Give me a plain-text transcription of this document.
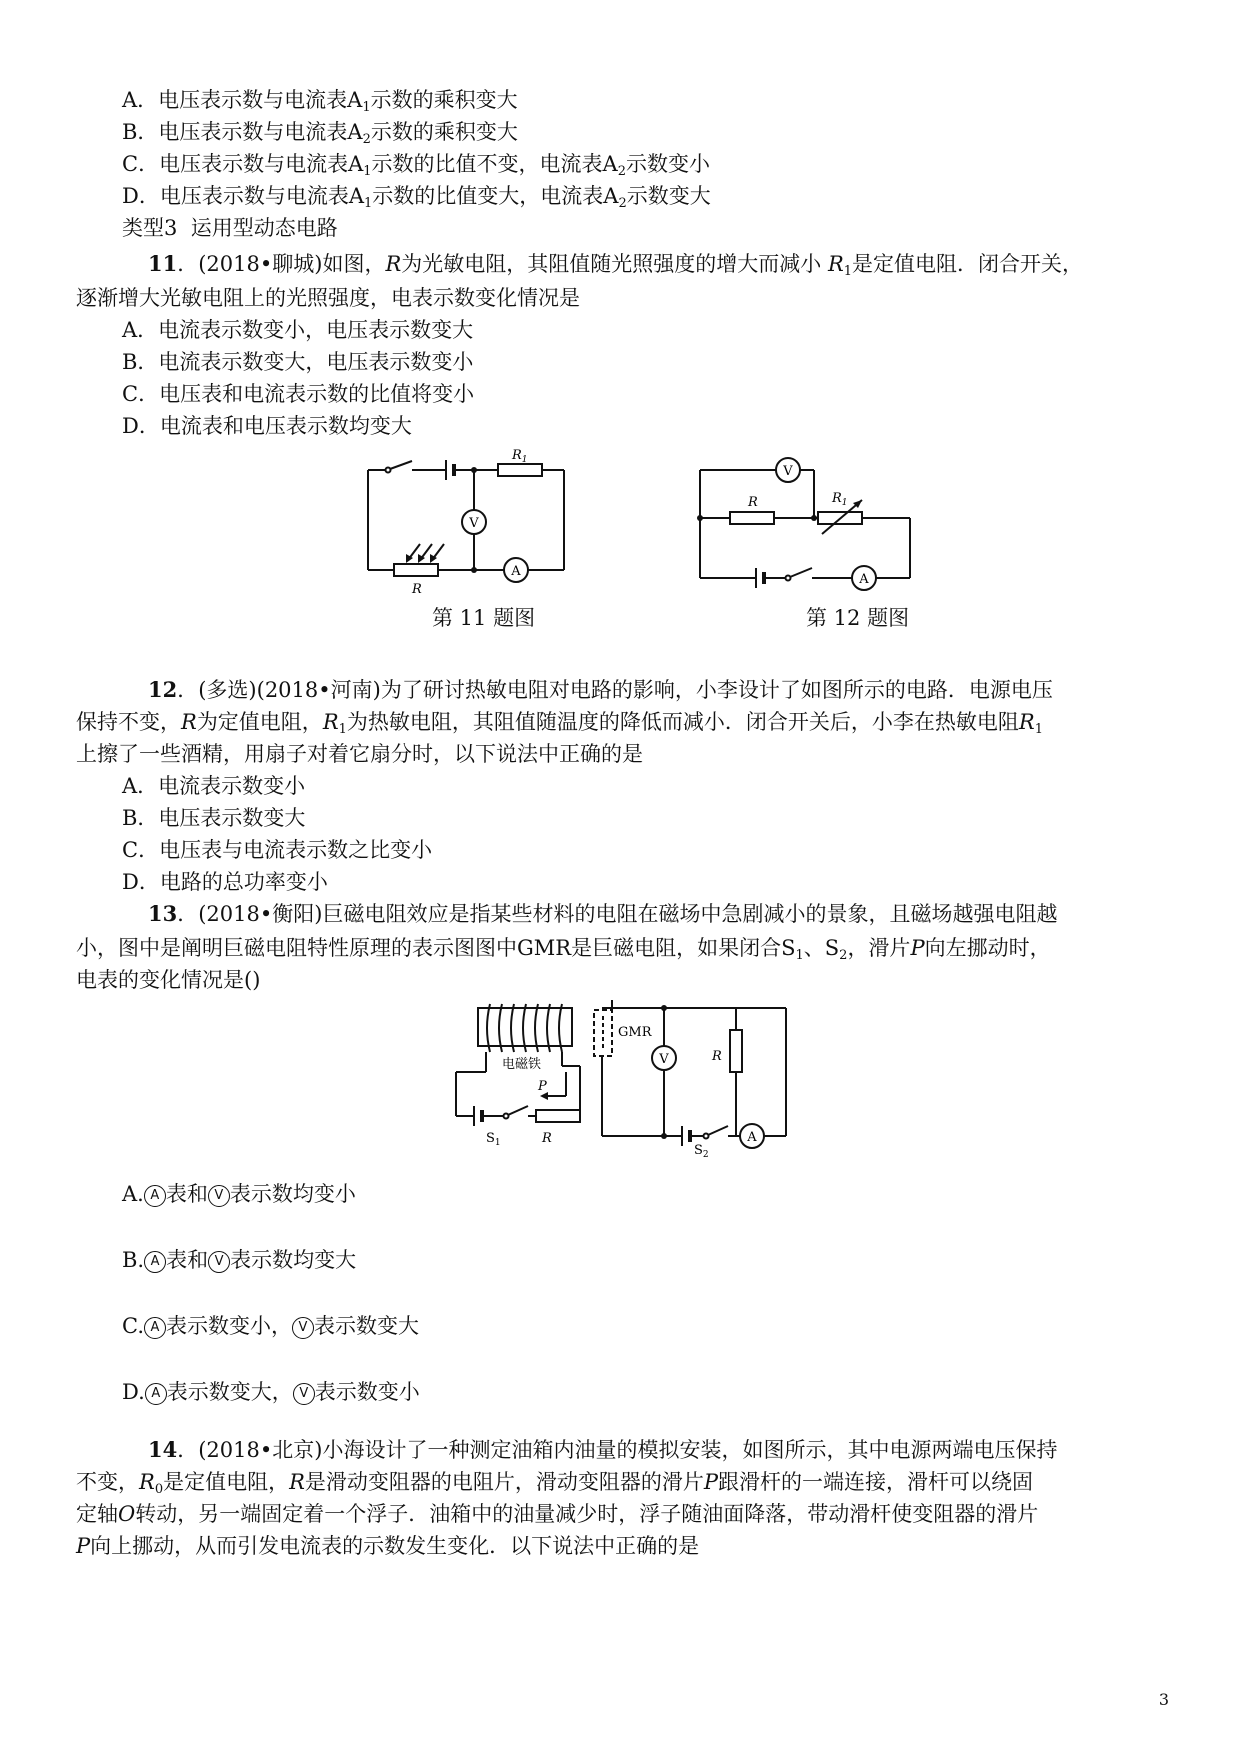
A．电压表示数与电流表$A_1$示数的乘积变大
B．电压表示数与电流表$A_2$示数的乘积变大
C．电压表示数与电流表$A_1$示数的比值不变，电流表$A_2$示数变小
D．电压表示数与电流表$A_1$示数的比值变大，电流表$A_2$示数变大
类型3 运用型动态电路
11．(2018•聊城)如图，R为光敏电阻，其阻值随光照强度的增大而减小 $R_1$是定值电阻．闭合开关，
逐渐增大光敏电阻上的光照强度，电表示数变化情况是
A．电流表示数变小，电压表示数变大
B．电流表示数变大，电压表示数变小
C．电压表和电流表示数的比值将变小
D．电流表和电压表示数均变大
V
A
$R_1$
R
第 11 题图
V
A
R	$R_1$
第 12 题图
12．(多选)(2018•河南)为了研讨热敏电阻对电路的影响，小李设计了如图所示的电路．电源电压
保持不变，R为定值电阻，$R_1$为热敏电阻，其阻值随温度的降低而减小．闭合开关后，小李在热敏电阻$R_1$
上擦了一些酒精，用扇子对着它扇分时，以下说法中正确的是
A．电流表示数变小
B．电压表示数变大
C．电压表与电流表示数之比变小
D．电路的总功率变小
13．(2018•衡阳)巨磁电阻效应是指某些材料的电阻在磁场中急剧减小的景象，且磁场越强电阻越
小，图中是阐明巨磁电阻特性原理的表示图图中GMR是巨磁电阻，如果闭合$S_1$、$S_2$，滑片P向左挪动时，
电表的变化情况是()
电磁铁
GMR
V
A
R
P
R
$S_1$	$S_2$
A. A 表和 V 表示数均变小
B. A 表和 V 表示数均变大
C. A 表示数变小， V 表示数变大
D. A 表示数变大， V 表示数变小
14．(2018•北京)小海设计了一种测定油箱内油量的模拟安装，如图所示，其中电源两端电压保持
不变，$R_0$是定值电阻，R是滑动变阻器的电阻片，滑动变阻器的滑片P跟滑杆的一端连接，滑杆可以绕固
定轴O转动，另一端固定着一个浮子．油箱中的油量减少时，浮子随油面降落，带动滑杆使变阻器的滑片
P向上挪动，从而引发电流表的示数发生变化．以下说法中正确的是
3
